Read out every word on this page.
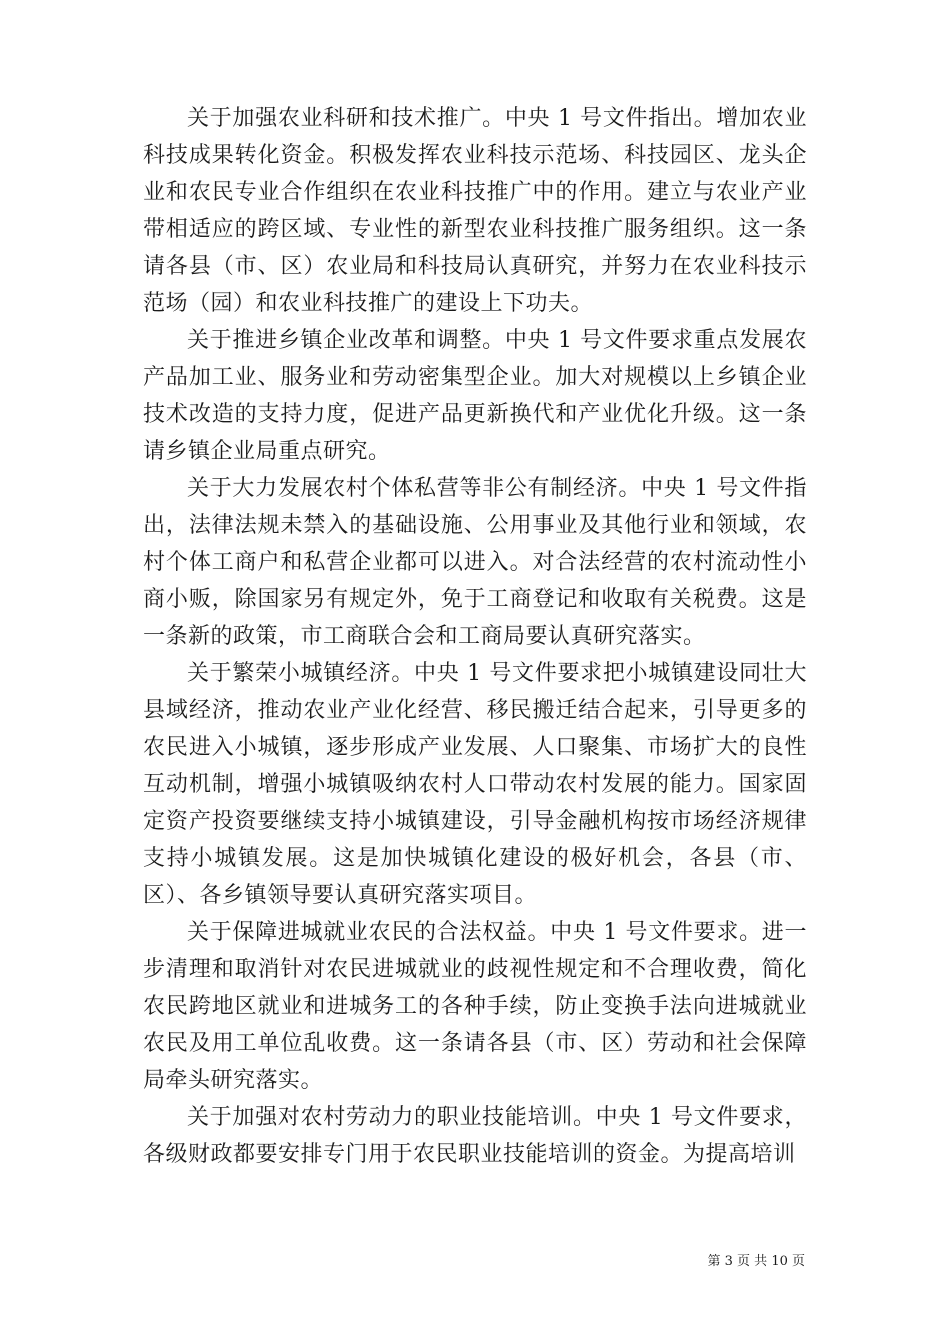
关于加强农业科研和技术推广。中央 1 号文件指出。增加农业科技成果转化资金。积极发挥农业科技示范场、科技园区、龙头企业和农民专业合作组织在农业科技推广中的作用。建立与农业产业带相适应的跨区域、专业性的新型农业科技推广服务组织。这一条请各县（市、区）农业局和科技局认真研究，并努力在农业科技示范场（园）和农业科技推广的建设上下功夫。

关于推进乡镇企业改革和调整。中央 1 号文件要求重点发展农产品加工业、服务业和劳动密集型企业。加大对规模以上乡镇企业技术改造的支持力度，促进产品更新换代和产业优化升级。这一条请乡镇企业局重点研究。

关于大力发展农村个体私营等非公有制经济。中央 1 号文件指出，法律法规未禁入的基础设施、公用事业及其他行业和领域，农村个体工商户和私营企业都可以进入。对合法经营的农村流动性小商小贩，除国家另有规定外，免于工商登记和收取有关税费。这是一条新的政策，市工商联合会和工商局要认真研究落实。

关于繁荣小城镇经济。中央 1 号文件要求把小城镇建设同壮大县域经济，推动农业产业化经营、移民搬迁结合起来，引导更多的农民进入小城镇，逐步形成产业发展、人口聚集、市场扩大的良性互动机制，增强小城镇吸纳农村人口带动农村发展的能力。国家固定资产投资要继续支持小城镇建设，引导金融机构按市场经济规律支持小城镇发展。这是加快城镇化建设的极好机会，各县（市、区）、各乡镇领导要认真研究落实项目。

关于保障进城就业农民的合法权益。中央 1 号文件要求。进一步清理和取消针对农民进城就业的歧视性规定和不合理收费，简化农民跨地区就业和进城务工的各种手续，防止变换手法向进城就业农民及用工单位乱收费。这一条请各县（市、区）劳动和社会保障局牵头研究落实。

关于加强对农村劳动力的职业技能培训。中央 1 号文件要求，各级财政都要安排专门用于农民职业技能培训的资金。为提高培训

第 3 页 共 10 页
